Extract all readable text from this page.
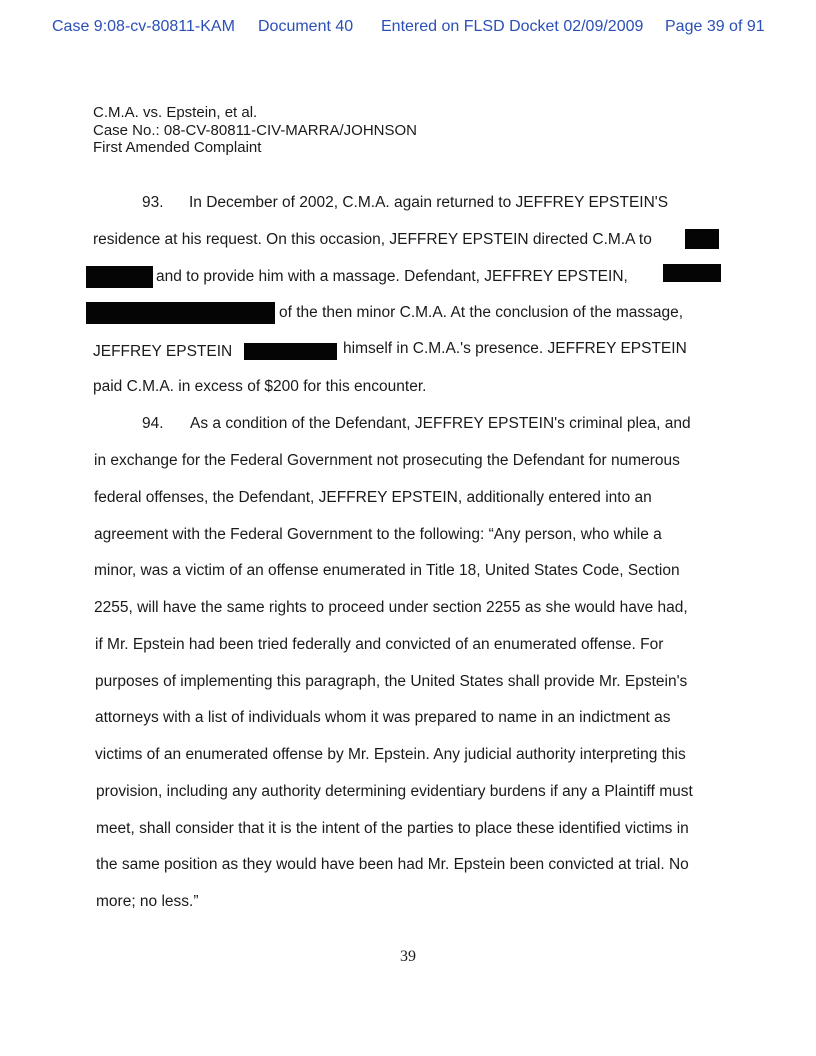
Case 9:08-cv-80811-KAM Document 40 Entered on FLSD Docket 02/09/2009 Page 39 of 91
C.M.A. vs. Epstein, et al.
Case No.: 08-CV-80811-CIV-MARRA/JOHNSON
First Amended Complaint
93. In December of 2002, C.M.A. again returned to JEFFREY EPSTEIN'S
residence at his request. On this occasion, JEFFREY EPSTEIN directed C.M.A to
and to provide him with a massage. Defendant, JEFFREY EPSTEIN,
of the then minor C.M.A. At the conclusion of the massage,
JEFFREY EPSTEIN	himself in C.M.A.'s presence. JEFFREY EPSTEIN
paid C.M.A. in excess of $200 for this encounter.
94. As a condition of the Defendant, JEFFREY EPSTEIN's criminal plea, and
in exchange for the Federal Government not prosecuting the Defendant for numerous
federal offenses, the Defendant, JEFFREY EPSTEIN, additionally entered into an
agreement with the Federal Government to the following: “Any person, who while a
minor, was a victim of an offense enumerated in Title 18, United States Code, Section
2255, will have the same rights to proceed under section 2255 as she would have had,
if Mr. Epstein had been tried federally and convicted of an enumerated offense. For
purposes of implementing this paragraph, the United States shall provide Mr. Epstein's
attorneys with a list of individuals whom it was prepared to name in an indictment as
victims of an enumerated offense by Mr. Epstein. Any judicial authority interpreting this
provision, including any authority determining evidentiary burdens if any a Plaintiff must
meet, shall consider that it is the intent of the parties to place these identified victims in
the same position as they would have been had Mr. Epstein been convicted at trial. No
more; no less.”
39
